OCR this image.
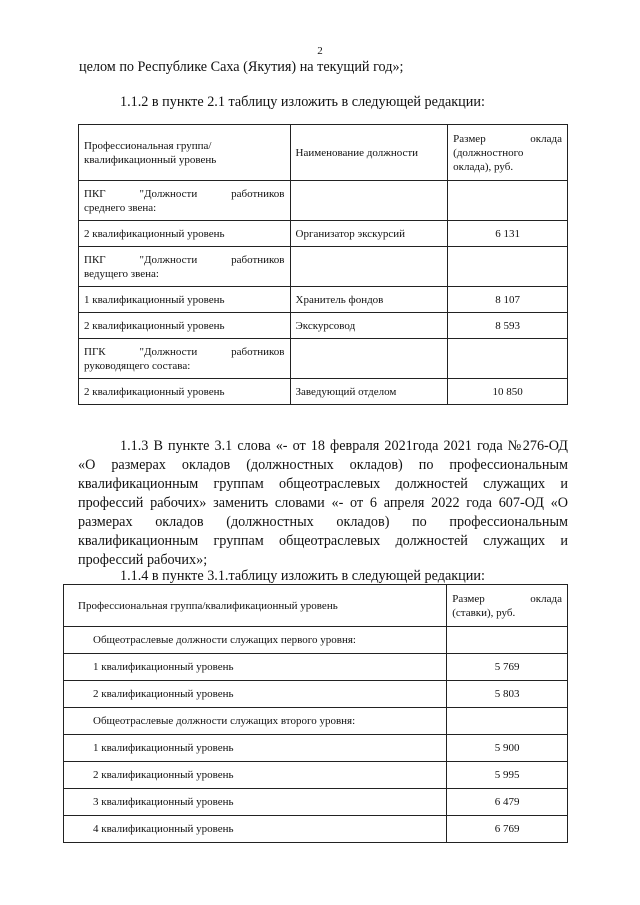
2
целом по Республике Саха (Якутия) на текущий год»;
1.1.2 в пункте 2.1 таблицу изложить в следующей редакции:
Профессиональная группа/квалификационный уровень	Наименование должности	Размер оклада
(должностного
оклада), руб.

ПКГ "Должности работников
среднего звена:		

2 квалификационный уровень	Организатор экскурсий	6 131

ПКГ "Должности работников
ведущего звена:		

1 квалификационный уровень	Хранитель фондов	8 107
2 квалификационный уровень	Экскурсовод	8 593

ПГК "Должности работников
руководящего состава:		

2 квалификационный уровень	Заведующий отделом	10 850
1.1.3 В пункте 3.1 слова «- от 18 февраля 2021года 2021 года №276-ОД
«О размерах окладов (должностных окладов) по профессиональным
квалификационным группам общеотраслевых должностей служащих и
профессий рабочих» заменить словами «- от 6 апреля 2022 года 607-ОД «О
размерах окладов (должностных окладов) по профессиональным
квалификационным группам общеотраслевых должностей служащих и
профессий рабочих»;
1.1.4 в пункте 3.1.таблицу изложить в следующей редакции:
Профессиональная группа/квалификационный уровень	Размер оклада
(ставки), руб.

Общеотраслевые должности служащих первого уровня:	
1 квалификационный уровень	5 769
2 квалификационный уровень	5 803
Общеотраслевые должности служащих второго уровня:	
1 квалификационный уровень	5 900
2 квалификационный уровень	5 995
3 квалификационный уровень	6 479
4 квалификационный уровень	6 769
